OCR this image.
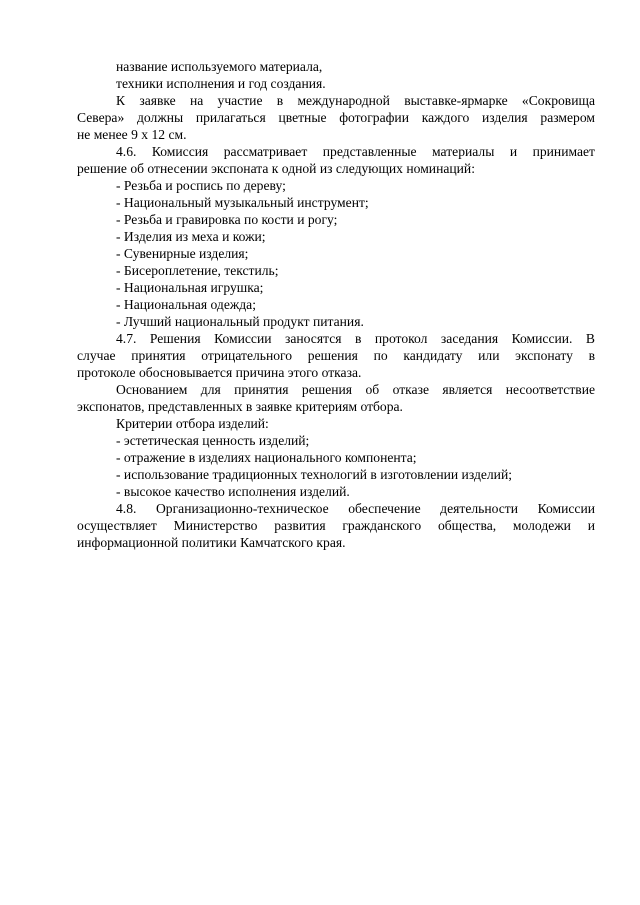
название используемого материала,
техники исполнения и год создания.
К заявке на участие в международной выставке-ярмарке «Сокровища
Севера» должны прилагаться цветные фотографии каждого изделия размером
не менее 9 х 12 см.
4.6. Комиссия рассматривает представленные материалы и принимает
решение об отнесении экспоната к одной из следующих номинаций:
- Резьба и роспись по дереву;
- Национальный музыкальный инструмент;
- Резьба и гравировка по кости и рогу;
- Изделия из меха и кожи;
- Сувенирные изделия;
- Бисероплетение, текстиль;
- Национальная игрушка;
- Национальная одежда;
- Лучший национальный продукт питания.
4.7. Решения Комиссии заносятся в протокол заседания Комиссии. В
случае принятия отрицательного решения по кандидату или экспонату в
протоколе обосновывается причина этого отказа.
Основанием для принятия решения об отказе является несоответствие
экспонатов, представленных в заявке критериям отбора.
Критерии отбора изделий:
- эстетическая ценность изделий;
- отражение в изделиях национального компонента;
- использование традиционных технологий в изготовлении изделий;
- высокое качество исполнения изделий.
4.8. Организационно-техническое обеспечение деятельности Комиссии
осуществляет Министерство развития гражданского общества, молодежи и
информационной политики Камчатского края.
